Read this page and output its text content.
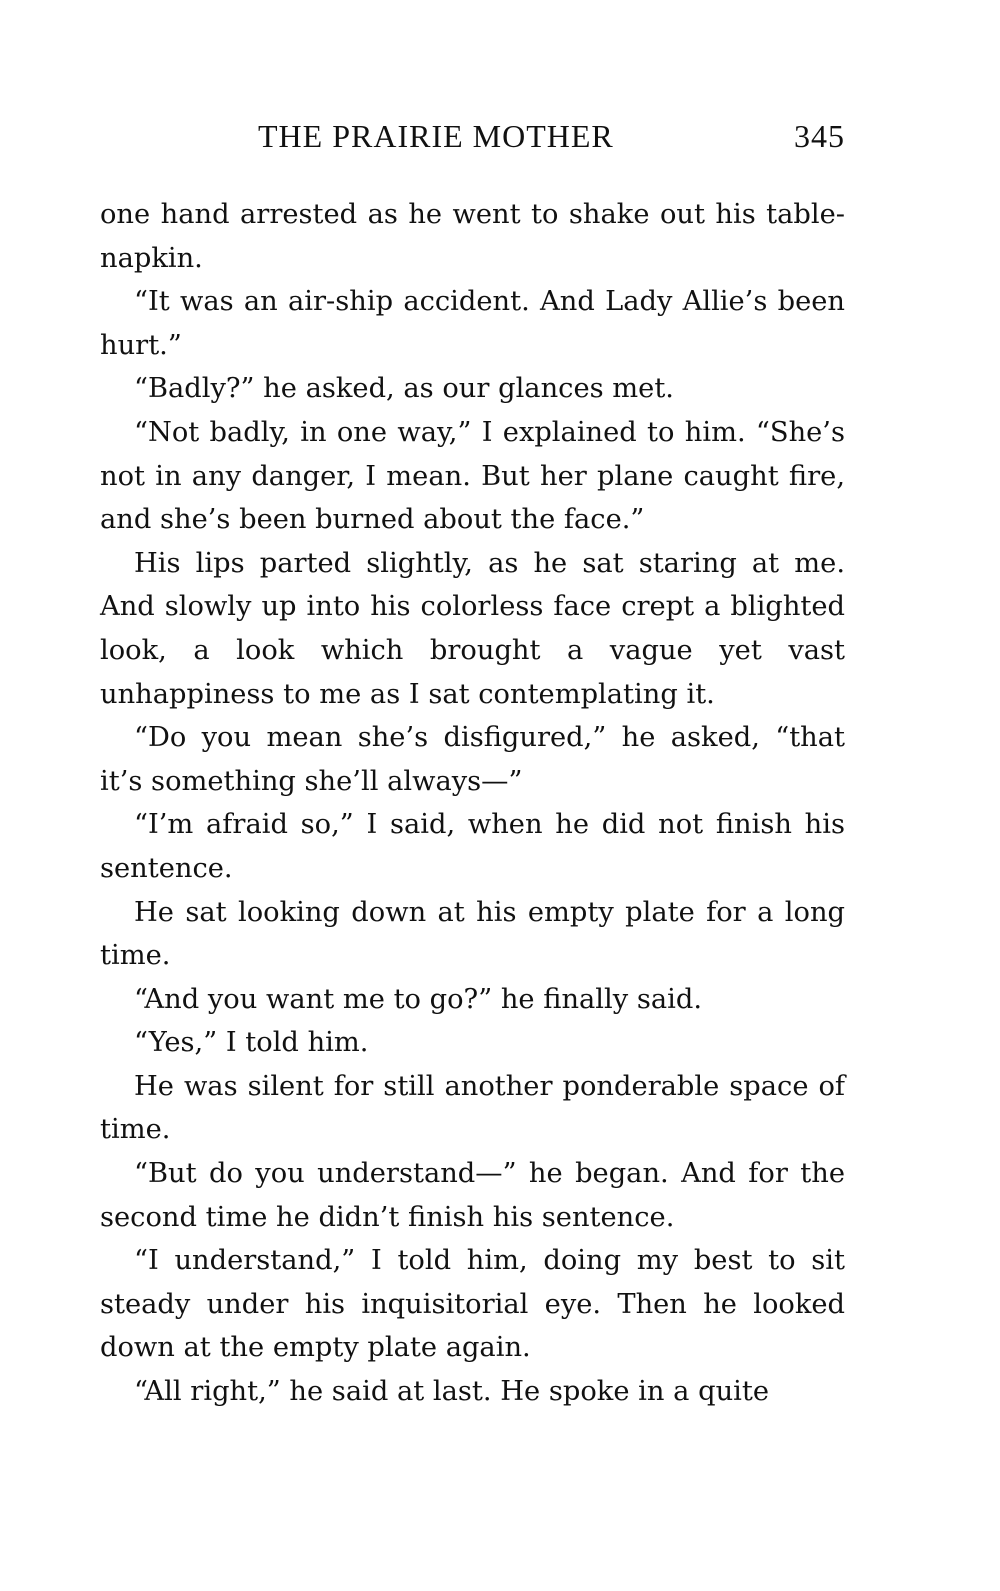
THE PRAIRIE MOTHER	345

one hand arrested as he went to shake out his table-napkin.

“It was an air-ship accident. And Lady Allie’s been hurt.”

“Badly?” he asked, as our glances met.

“Not badly, in one way,” I explained to him. “She’s not in any danger, I mean. But her plane caught fire, and she’s been burned about the face.”

His lips parted slightly, as he sat staring at me. And slowly up into his colorless face crept a blighted look, a look which brought a vague yet vast unhappiness to me as I sat contemplating it.

“Do you mean she’s disfigured,” he asked, “that it’s something she’ll always—”

“I’m afraid so,” I said, when he did not finish his sentence.

He sat looking down at his empty plate for a long time.

“And you want me to go?” he finally said.

“Yes,” I told him.

He was silent for still another ponderable space of time.

“But do you understand—” he began. And for the second time he didn’t finish his sentence.

“I understand,” I told him, doing my best to sit steady under his inquisitorial eye. Then he looked down at the empty plate again.

“All right,” he said at last. He spoke in a quite
